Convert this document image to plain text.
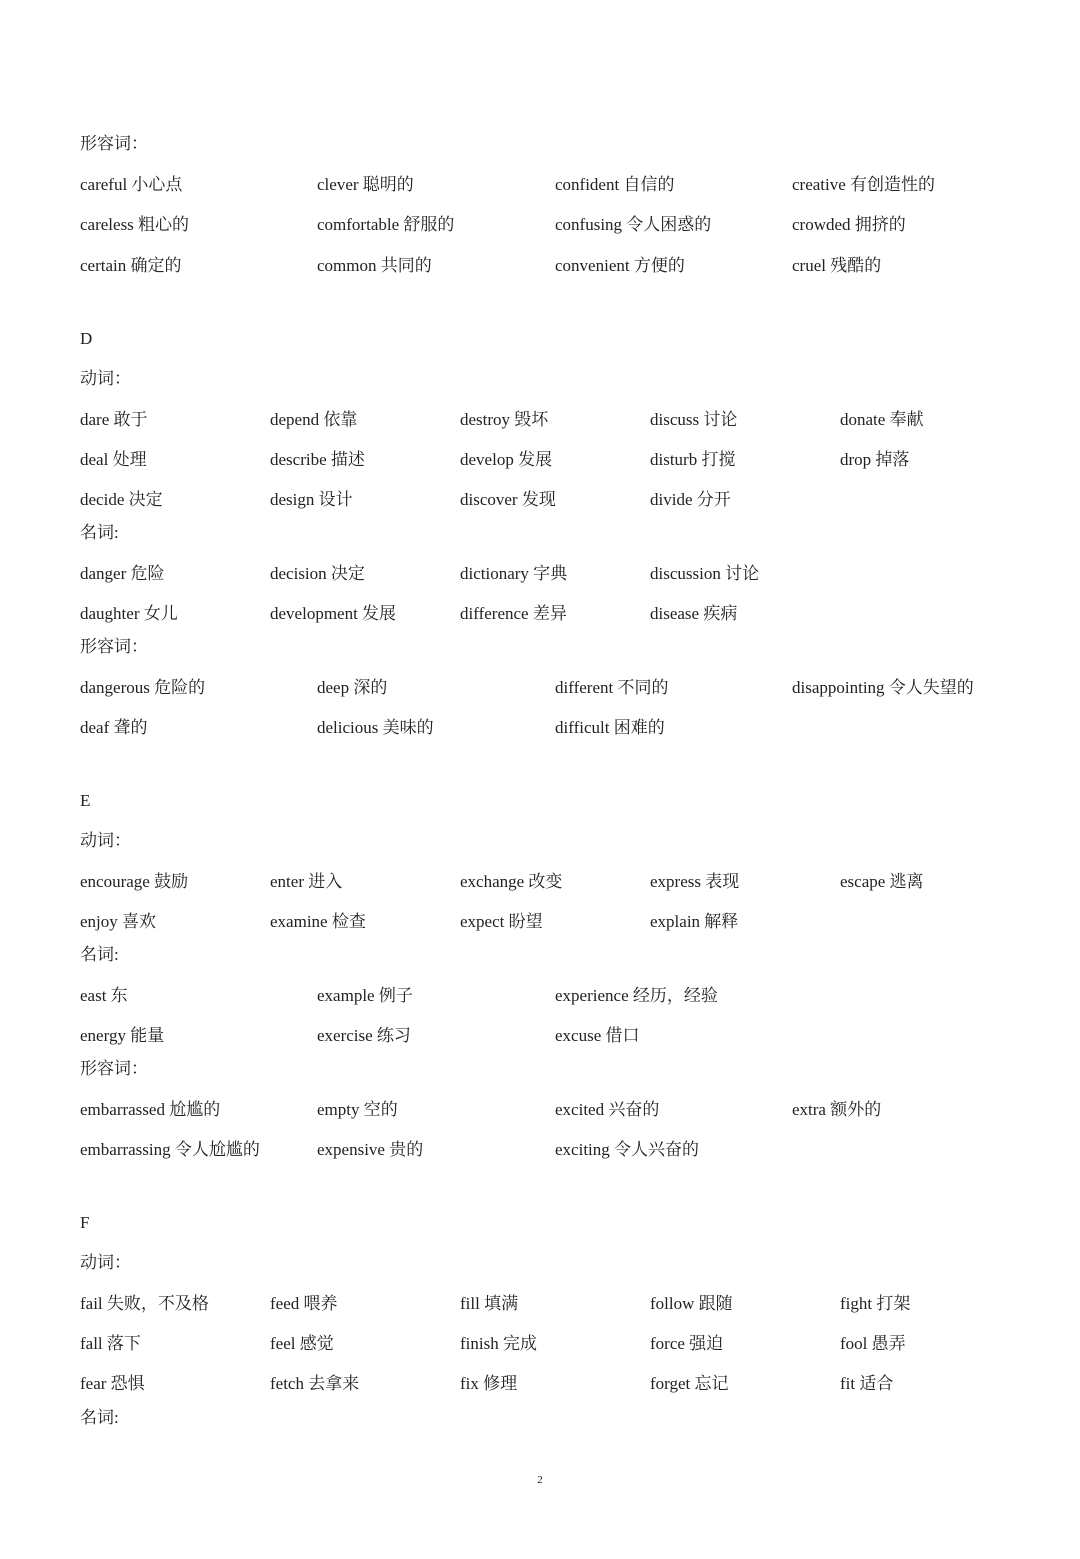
形容词：
careful 小心点	clever 聪明的	confident 自信的	creative 有创造性的
careless 粗心的	comfortable 舒服的	confusing 令人困惑的	crowded 拥挤的
certain 确定的	common 共同的	convenient 方便的	cruel 残酷的
D
动词：
dare 敢于	depend 依靠	destroy 毁坏	discuss 讨论	donate 奉献
deal 处理	describe 描述	develop 发展	disturb 打搅	drop 掉落
decide 决定	design 设计	discover 发现	divide 分开
名词:
danger 危险	decision 决定	dictionary 字典	discussion 讨论
daughter 女儿	development 发展	difference 差异	disease 疾病
形容词：
dangerous 危险的	deep 深的	different 不同的	disappointing 令人失望的
deaf 聋的	delicious 美味的	difficult 困难的
E
动词：
encourage 鼓励	enter 进入	exchange 改变	express 表现	escape 逃离
enjoy 喜欢	examine 检查	expect 盼望	explain 解释
名词:
east 东	example 例子	experience 经历，经验
energy 能量	exercise 练习	excuse 借口
形容词：
embarrassed 尬尴的	empty 空的	excited 兴奋的	extra 额外的
embarrassing 令人尬尴的	expensive 贵的	exciting 令人兴奋的
F
动词：
fail 失败，不及格	feed 喂养	fill 填满	follow 跟随	fight 打架
fall 落下	feel 感觉	finish 完成	force 强迫	fool 愚弄
fear 恐惧	fetch 去拿来	fix 修理	forget 忘记	fit 适合
名词:
2
